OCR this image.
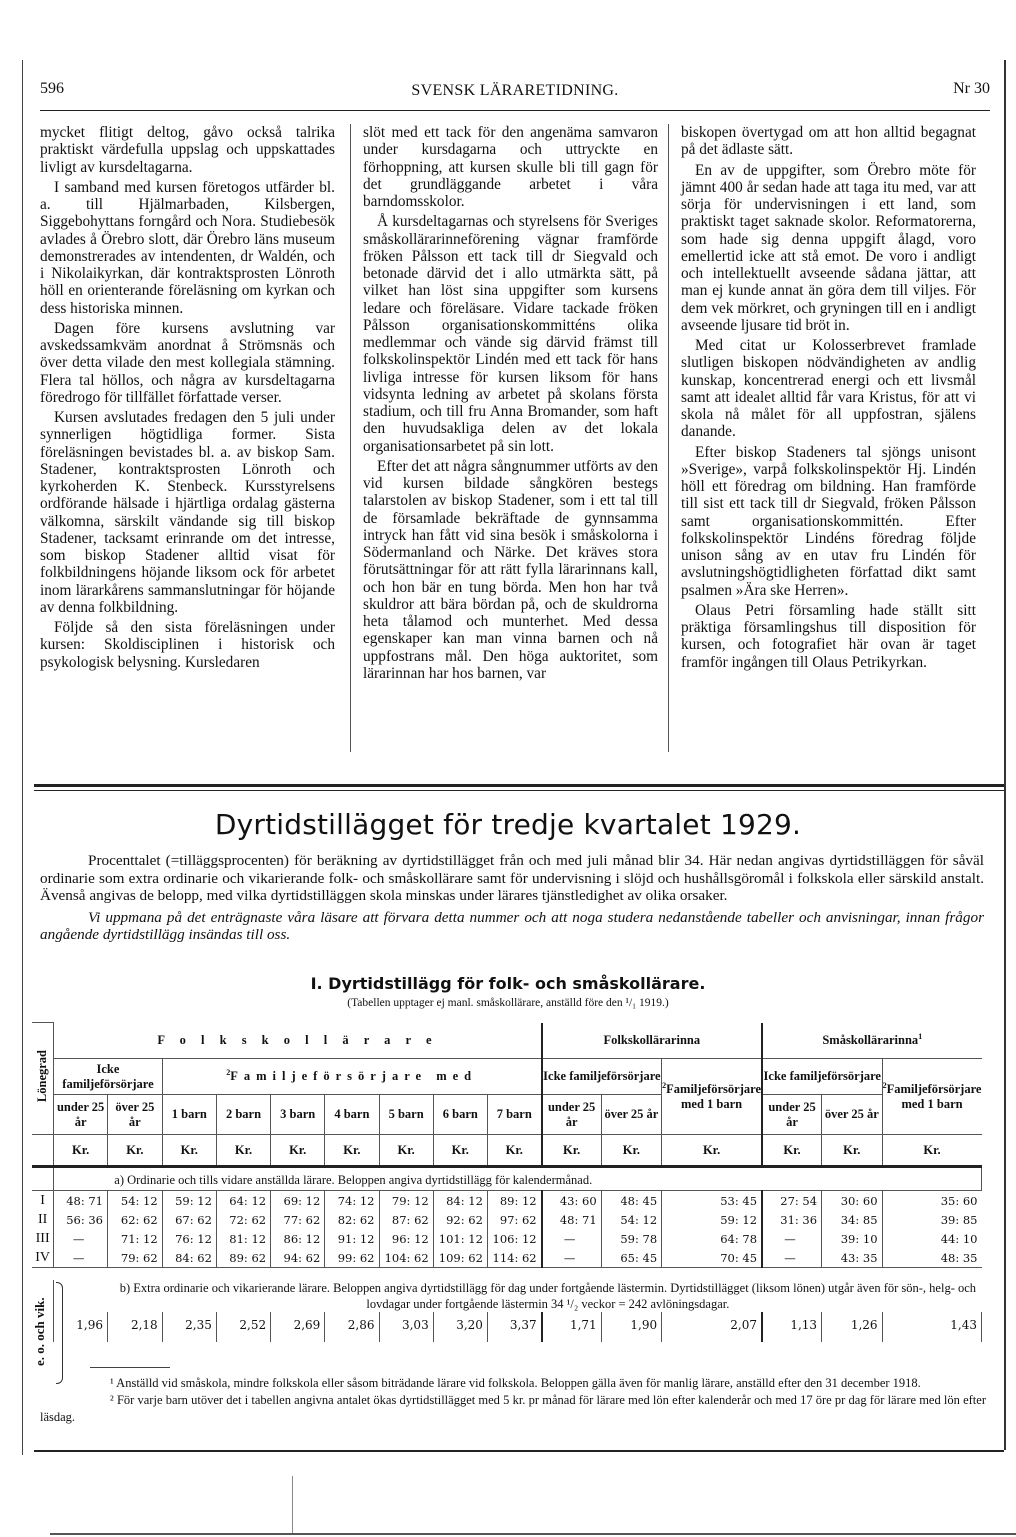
596	SVENSK LÄRARETIDNING.	Nr 30

mycket flitigt deltog, gåvo också talrika praktiskt värdefulla uppslag och uppskattades livligt av kursdeltagarna.

I samband med kursen företogos utfärder bl. a. till Hjälmarbaden, Kilsbergen, Siggebohyttans forngård och Nora. Studiebesök avlades å Örebro slott, där Örebro läns museum demonstrerades av intendenten, dr Waldén, och i Nikolaikyrkan, där kontraktsprosten Lönroth höll en orienterande föreläsning om kyrkan och dess historiska minnen.

Dagen före kursens avslutning var avskedssamkväm anordnat å Strömsnäs och över detta vilade den mest kollegiala stämning. Flera tal höllos, och några av kursdeltagarna föredrogo för tillfället författade verser.

Kursen avslutades fredagen den 5 juli under synnerligen högtidliga former. Sista föreläsningen bevistades bl. a. av biskop Sam. Stadener, kontraktsprosten Lönroth och kyrkoherden K. Stenbeck. Kursstyrelsens ordförande hälsade i hjärtliga ordalag gästerna välkomna, särskilt vändande sig till biskop Stadener, tacksamt erinrande om det intresse, som biskop Stadener alltid visat för folkbildningens höjande liksom ock för arbetet inom lärarkårens sammanslutningar för höjande av denna folkbildning.

Följde så den sista föreläsningen under kursen: Skoldisciplinen i historisk och psykologisk belysning. Kursledaren

slöt med ett tack för den angenäma samvaron under kursdagarna och uttryckte en förhoppning, att kursen skulle bli till gagn för det grundläggande arbetet i våra barndomsskolor.

Å kursdeltagarnas och styrelsens för Sveriges småskollärarinneförening vägnar framförde fröken Pålsson ett tack till dr Siegvald och betonade därvid det i allo utmärkta sätt, på vilket han löst sina uppgifter som kursens ledare och föreläsare. Vidare tackade fröken Pålsson organisationskommitténs olika medlemmar och vände sig därvid främst till folkskolinspektör Lindén med ett tack för hans livliga intresse för kursen liksom för hans vidsynta ledning av arbetet på skolans första stadium, och till fru Anna Bromander, som haft den huvudsakliga delen av det lokala organisationsarbetet på sin lott.

Efter det att några sångnummer utförts av den vid kursen bildade sångkören bestegs talarstolen av biskop Stadener, som i ett tal till de församlade bekräftade de gynnsamma intryck han fått vid sina besök i småskolorna i Södermanland och Närke. Det kräves stora förutsättningar för att rätt fylla lärarinnans kall, och hon bär en tung börda. Men hon har två skuldror att bära bördan på, och de skuldrorna heta tålamod och munterhet. Med dessa egenskaper kan man vinna barnen och nå uppfostrans mål. Den höga auktoritet, som lärarinnan har hos barnen, var

biskopen övertygad om att hon alltid begagnat på det ädlaste sätt.

En av de uppgifter, som Örebro möte för jämnt 400 år sedan hade att taga itu med, var att sörja för undervisningen i ett land, som praktiskt taget saknade skolor. Reformatorerna, som hade sig denna uppgift ålagd, voro emellertid icke att stå emot. De voro i andligt och intellektuellt avseende sådana jättar, att man ej kunde annat än göra dem till viljes. För dem vek mörkret, och gryningen till en i andligt avseende ljusare tid bröt in.

Med citat ur Kolosserbrevet framlade slutligen biskopen nödvändigheten av andlig kunskap, koncentrerad energi och ett livsmål samt att idealet alltid får vara Kristus, för att vi skola nå målet för all uppfostran, själens danande.

Efter biskop Stadeners tal sjöngs unisont »Sverige», varpå folkskolinspektör Hj. Lindén höll ett föredrag om bildning. Han framförde till sist ett tack till dr Siegvald, fröken Pålsson samt organisationskommittén. Efter folkskolinspektör Lindéns föredrag följde unison sång av en utav fru Lindén för avslutningshögtidligheten författad dikt samt psalmen »Ära ske Herren».

Olaus Petri församling hade ställt sitt präktiga församlingshus till disposition för kursen, och fotografiet här ovan är taget framför ingången till Olaus Petrikyrkan.

Dyrtidstillägget för tredje kvartalet 1929.

Procenttalet (=tilläggsprocenten) för beräkning av dyrtidstillägget från och med juli månad blir 34. Här nedan angivas dyrtidstilläggen för såväl ordinarie som extra ordinarie och vikarierande folk- och småskollärare samt för undervisning i slöjd och hushållsgöromål i folkskola eller särskild anstalt. Ävenså angivas de belopp, med vilka dyrtidstilläggen skola minskas under lärares tjänstledighet av olika orsaker.

Vi uppmana på det enträgnaste våra läsare att förvara detta nummer och att noga studera nedanstående tabeller och anvisningar, innan frågor angående dyrtidstillägg insändas till oss.

I. Dyrtidstillägg för folk- och småskollärare.
(Tabellen upptager ej manl. småskollärare, anställd före den ¹/₁ 1919.)
Lönegrad	F o l k s k o l l ä r a r e									Folkskollärarinna			Småskollärarinna$^1$
	Icke familjeförsörjare		$^2$Familjeförsörjare med							Icke familjeförsörjare		$^2$Familjeförsörjare med 1 barn	Icke familjeförsörjare		$^2$Familjeförsörjare med 1 barn
	under 25 år	över 25 år	1 barn	2 barn	3 barn	4 barn	5 barn	6 barn	7 barn	under 25 år	över 25 år		under 25 år	över 25 år	
	Kr.	Kr.	Kr.	Kr.	Kr.	Kr.	Kr.	Kr.	Kr.	Kr.	Kr.	Kr.	Kr.	Kr.	Kr.
	a) Ordinarie och tills vidare anställda lärare. Beloppen angiva dyrtidstillägg för kalendermånad.														
I	48: 71	54: 12	59: 12	64: 12	69: 12	74: 12	79: 12	84: 12	89: 12	43: 60	48: 45	53: 45	27: 54	30: 60	35: 60
II	56: 36	62: 62	67: 62	72: 62	77: 62	82: 62	87: 62	92: 62	97: 62	48: 71	54: 12	59: 12	31: 36	34: 85	39: 85
III	—	71: 12	76: 12	81: 12	86: 12	91: 12	96: 12	101: 12	106: 12	—	59: 78	64: 78	—	39: 10	44: 10
IV	—	79: 62	84: 62	89: 62	94: 62	99: 62	104: 62	109: 62	114: 62	—	65: 45	70: 45	—	43: 35	48: 35

	b) Extra ordinarie och vikarierande lärare. Beloppen angiva dyrtidstillägg för dag under fortgående lästermin. Dyrtidstillägget (liksom lönen) utgår även för sön-, helg- och lovdagar under fortgående lästermin 34 ¹/₂ veckor = 242 avlöningsdagar.														
	1,96	2,18	2,35	2,52	2,69	2,86	3,03	3,20	3,37	1,71	1,90	2,07	1,13	1,26	1,43
e. o. och vik.

¹ Anställd vid småskola, mindre folkskola eller såsom biträdande lärare vid folkskola. Beloppen gälla även för manlig lärare, anställd efter den 31 december 1918.

² För varje barn utöver det i tabellen angivna antalet ökas dyrtidstillägget med 5 kr. pr månad för lärare med lön efter kalenderår och med 17 öre pr dag för lärare med lön efter läsdag.
